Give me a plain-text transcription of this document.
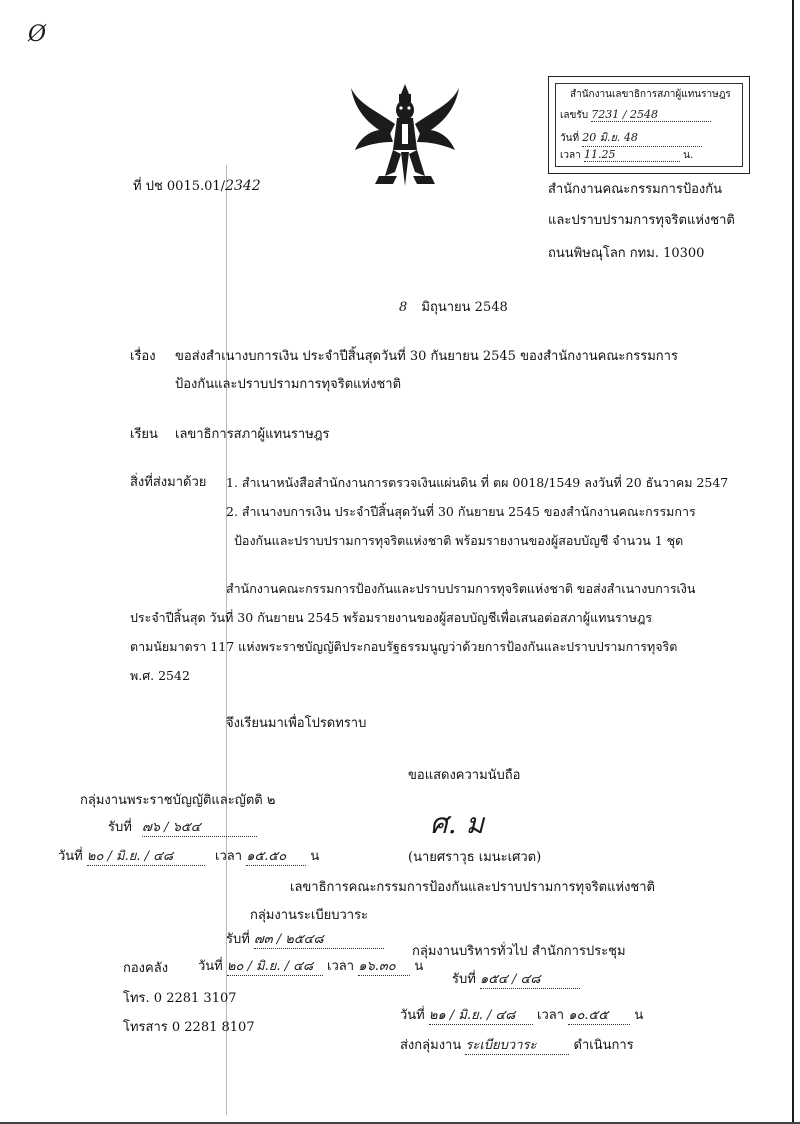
Ø
สำนักงานเลขาธิการสภาผู้แทนราษฎร
เลขรับ 7231 / 2548
วันที่ 20 มิ.ย. 48
เวลา 11.25	น.
ที่ ปช 0015.01/2342	สำนักงานคณะกรรมการป้องกัน
และปราบปรามการทุจริตแห่งชาติ
ถนนพิษณุโลก กทม. 10300
8 มิถุนายน 2548
เรื่อง ขอส่งสำเนางบการเงิน ประจำปีสิ้นสุดวันที่ 30 กันยายน 2545 ของสำนักงานคณะกรรมการ
ป้องกันและปราบปรามการทุจริตแห่งชาติ
เรียน เลขาธิการสภาผู้แทนราษฎร
สิ่งที่ส่งมาด้วย 1. สำเนาหนังสือสำนักงานการตรวจเงินแผ่นดิน ที่ ตผ 0018/1549 ลงวันที่ 20 ธันวาคม 2547
2. สำเนางบการเงิน ประจำปีสิ้นสุดวันที่ 30 กันยายน 2545 ของสำนักงานคณะกรรมการ
ป้องกันและปราบปรามการทุจริตแห่งชาติ พร้อมรายงานของผู้สอบบัญชี จำนวน 1 ชุด
สำนักงานคณะกรรมการป้องกันและปราบปรามการทุจริตแห่งชาติ ขอส่งสำเนางบการเงิน
ประจำปีสิ้นสุด วันที่ 30 กันยายน 2545 พร้อมรายงานของผู้สอบบัญชีเพื่อเสนอต่อสภาผู้แทนราษฎร
ตามนัยมาตรา 117 แห่งพระราชบัญญัติประกอบรัฐธรรมนูญว่าด้วยการป้องกันและปราบปรามการทุจริต
พ.ศ. 2542
จึงเรียนมาเพื่อโปรดทราบ
ขอแสดงความนับถือ
ศ. ม
(นายศราวุธ เมนะเศวต)
เลขาธิการคณะกรรมการป้องกันและปราบปรามการทุจริตแห่งชาติ
กลุ่มงานพระราชบัญญัติและญัตติ ๒
รับที่ ๗๖ / ๖๕๔
วันที่ ๒๐ / มิ.ย. / ๔๘	เวลา ๑๕.๕๐ น
กลุ่มงานระเบียบวาระ
รับที่ ๗๓ / ๒๕๔๘
วันที่ ๒๐ / มิ.ย. / ๔๘ เวลา ๑๖.๓๐ น
กองคลัง
โทร. 0 2281 3107
โทรสาร 0 2281 8107
กลุ่มงานบริหารทั่วไป สำนักการประชุม
รับที่ ๑๕๔ / ๔๘
วันที่ ๒๑ / มิ.ย. / ๔๘ เวลา ๑๐.๕๕ น
ส่งกลุ่มงาน ระเบียบวาระ	ดำเนินการ
